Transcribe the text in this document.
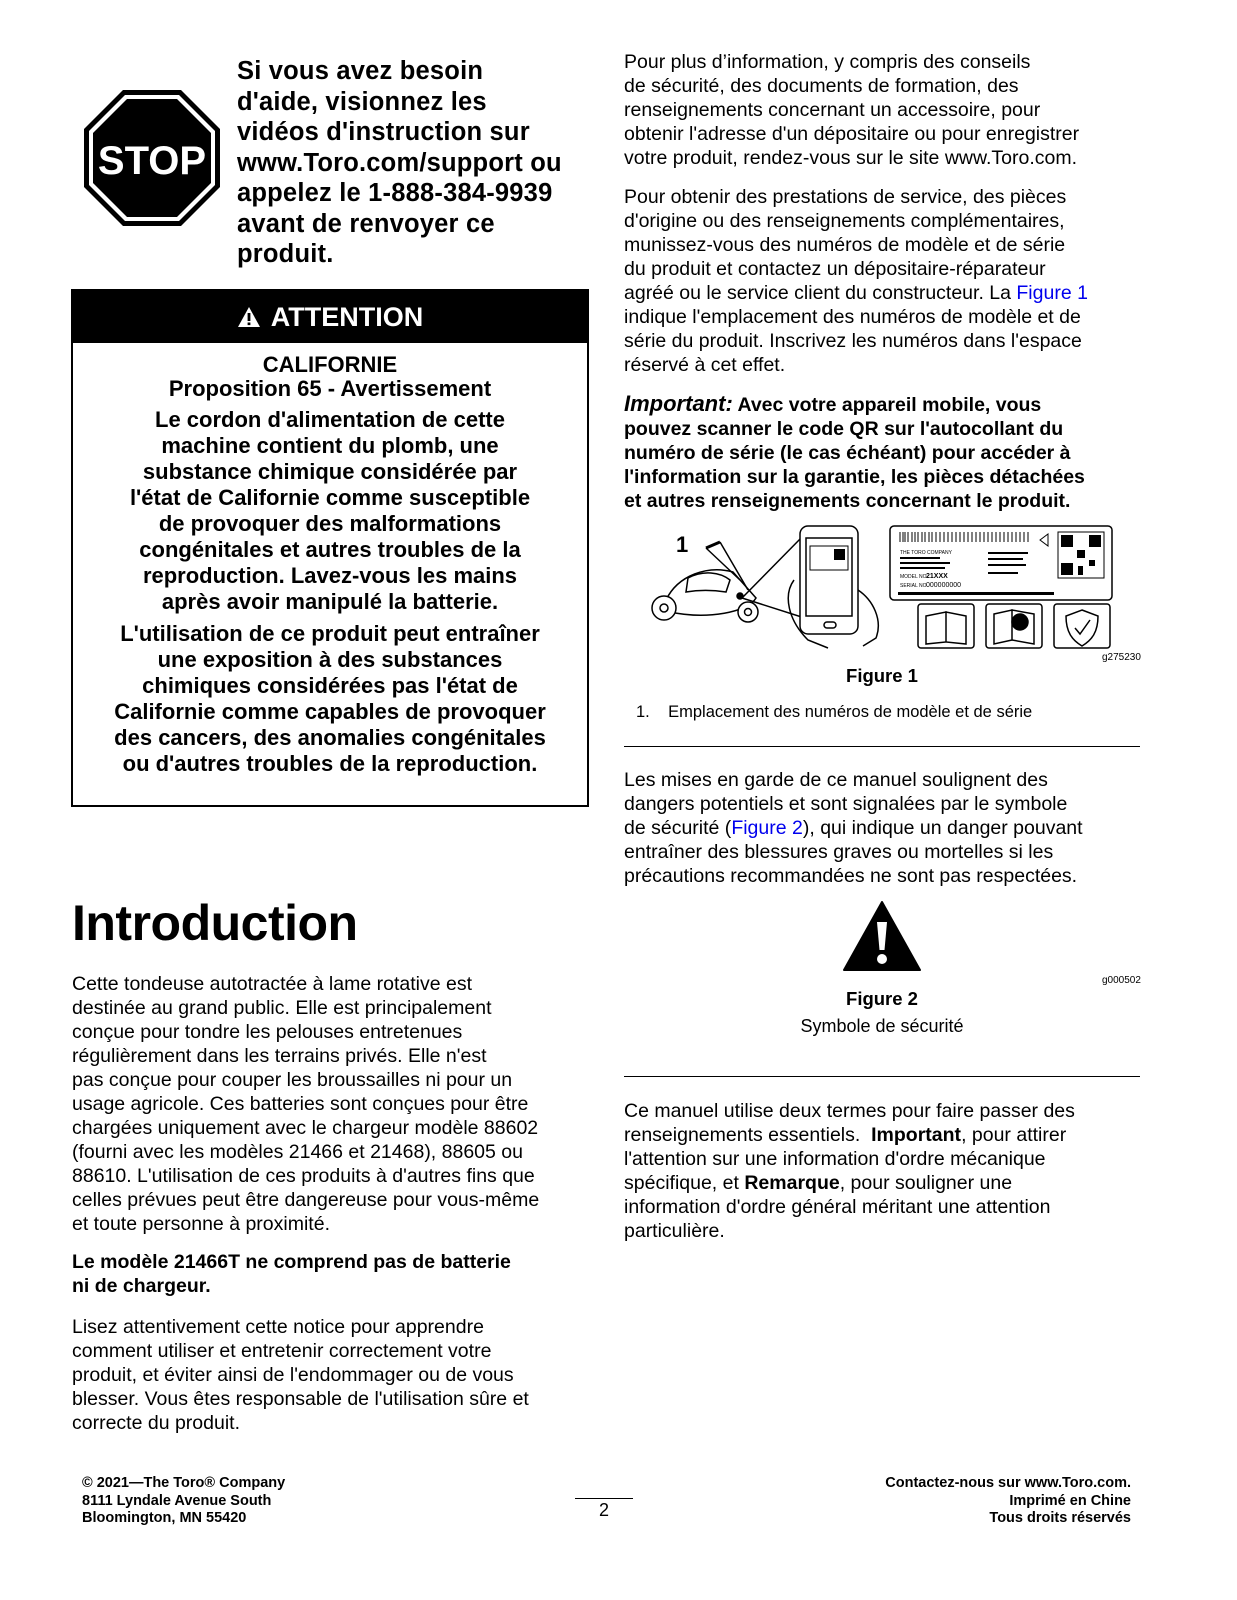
STOP
Si vous avez besoin
d'aide, visionnez les
vidéos d'instruction sur
www.Toro.com/support ou
appelez le 1-888-384-9939
avant de renvoyer ce
produit.
ATTENTION
CALIFORNIE
Proposition 65 - Avertissement
Le cordon d'alimentation de cette
machine contient du plomb, une
substance chimique considérée par
l'état de Californie comme susceptible
de provoquer des malformations
congénitales et autres troubles de la
reproduction. Lavez-vous les mains
après avoir manipulé la batterie.
L'utilisation de ce produit peut entraîner
une exposition à des substances
chimiques considérées pas l'état de
Californie comme capables de provoquer
des cancers, des anomalies congénitales
ou d'autres troubles de la reproduction.
Introduction
Cette tondeuse autotractée à lame rotative est
destinée au grand public. Elle est principalement
conçue pour tondre les pelouses entretenues
régulièrement dans les terrains privés. Elle n'est
pas conçue pour couper les broussailles ni pour un
usage agricole. Ces batteries sont conçues pour être
chargées uniquement avec le chargeur modèle 88602
(fourni avec les modèles 21466 et 21468), 88605 ou
88610. L'utilisation de ces produits à d'autres fins que
celles prévues peut être dangereuse pour vous-même
et toute personne à proximité.
Le modèle 21466T ne comprend pas de batterie
ni de chargeur.
Lisez attentivement cette notice pour apprendre
comment utiliser et entretenir correctement votre
produit, et éviter ainsi de l'endommager ou de vous
blesser. Vous êtes responsable de l'utilisation sûre et
correcte du produit.
Pour plus d’information, y compris des conseils
de sécurité, des documents de formation, des
renseignements concernant un accessoire, pour
obtenir l'adresse d'un dépositaire ou pour enregistrer
votre produit, rendez-vous sur le site www.Toro.com.
Pour obtenir des prestations de service, des pièces
d'origine ou des renseignements complémentaires,
munissez-vous des numéros de modèle et de série
du produit et contactez un dépositaire-réparateur
agréé ou le service client du constructeur. La Figure 1
indique l'emplacement des numéros de modèle et de
série du produit. Inscrivez les numéros dans l'espace
réservé à cet effet.
Important: Avec votre appareil mobile, vous
pouvez scanner le code QR sur l'autocollant du
numéro de série (le cas échéant) pour accéder à
l'information sur la garantie, les pièces détachées
et autres renseignements concernant le produit.
THE TORO COMPANY
MODEL NO.
21XXX
SERIAL NO.
000000000
1
g275230
Figure 1
1.    Emplacement des numéros de modèle et de série
Les mises en garde de ce manuel soulignent des
dangers potentiels et sont signalées par le symbole
de sécurité (Figure 2), qui indique un danger pouvant
entraîner des blessures graves ou mortelles si les
précautions recommandées ne sont pas respectées.
g000502
Figure 2
Symbole de sécurité
Ce manuel utilise deux termes pour faire passer des
renseignements essentiels.  Important, pour attirer
l'attention sur une information d'ordre mécanique
spécifique, et Remarque, pour souligner une
information d'ordre général méritant une attention
particulière.
© 2021—The Toro® Company
8111 Lyndale Avenue South
Bloomington, MN 55420	2
Contactez-nous sur www.Toro.com.
Imprimé en Chine
Tous droits réservés
